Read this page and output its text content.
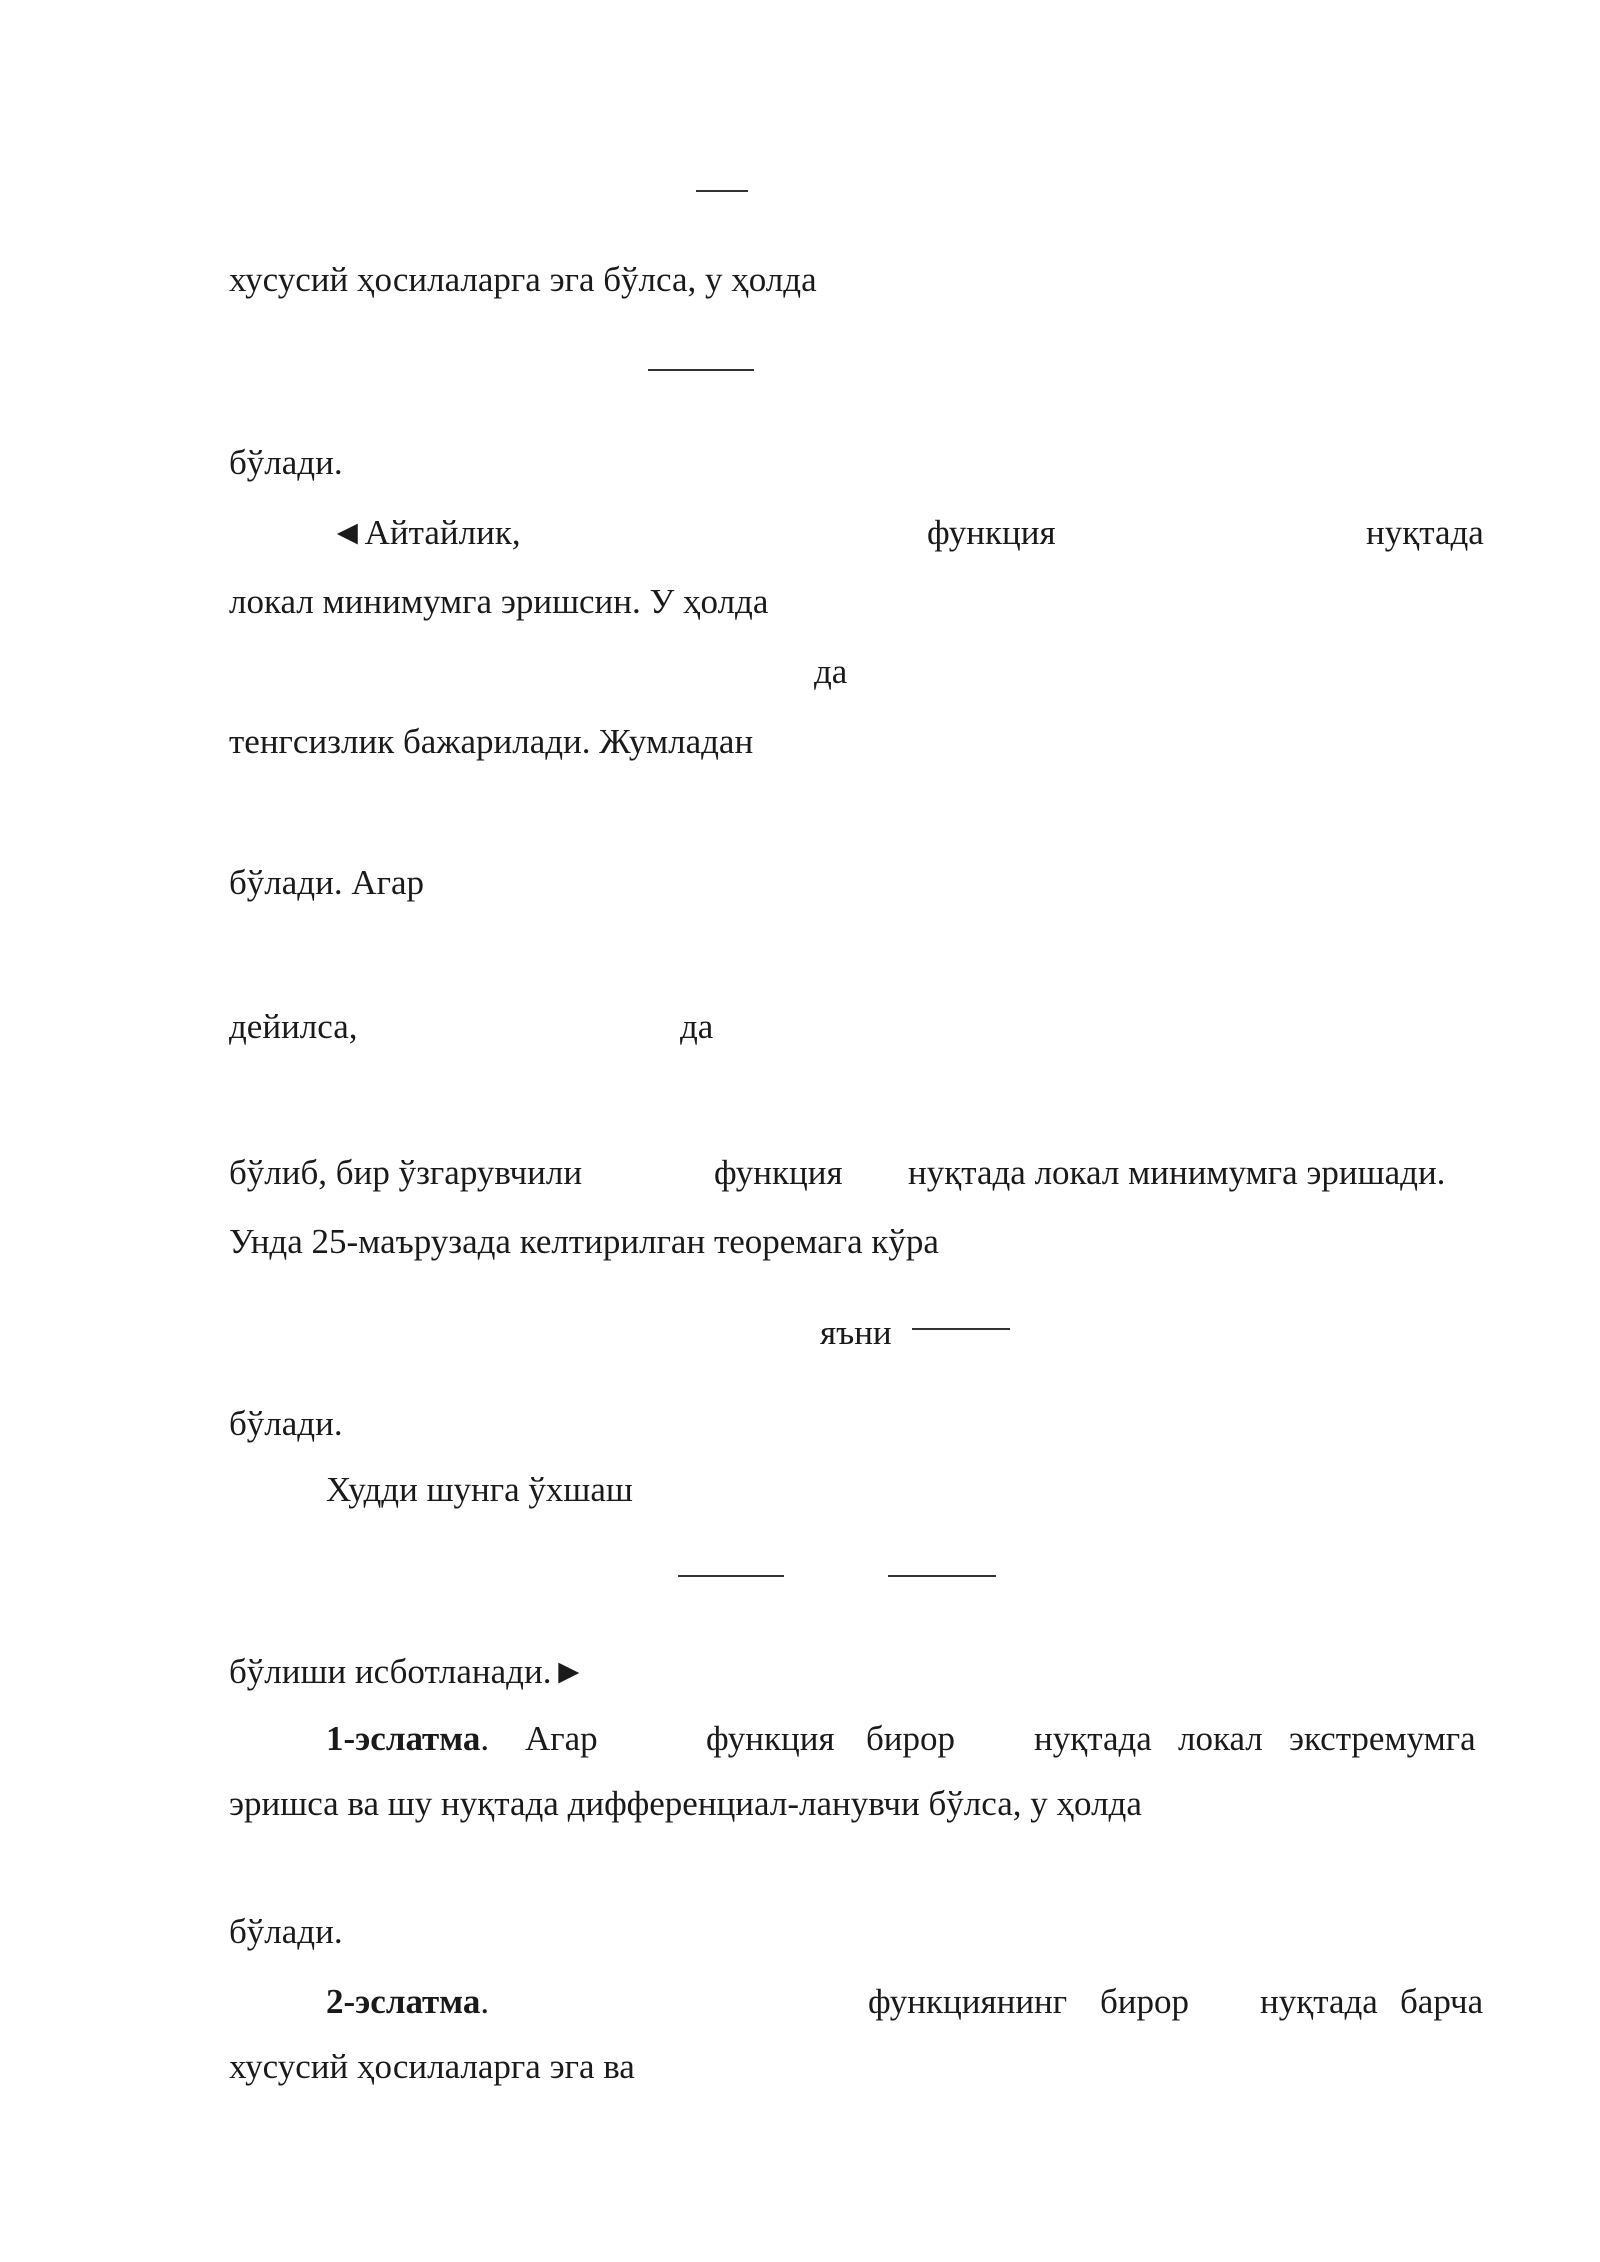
хусусий ҳосилаларга эга бўлса, у ҳолда
бўлади.
◄Айтайлик,	функция	нуқтада
локал минимумга эришсин. У ҳолда
да
тенгсизлик бажарилади. Жумладан
бўлади. Агар
дейилса,	да
бўлиб, бир ўзгарувчили	функция нуқтада локал минимумга эришади.
Унда 25-маърузада келтирилган теоремага кўра
яъни
бўлади.
Худди шунга ўхшаш
бўлиши исботланади.►
1-эслатма. Агар	функция бирор нуқтада локал экстремумга
эришса ва шу нуқтада дифференциал-ланувчи бўлса, у ҳолда
бўлади.
2-эслатма.	функциянинг бирор нуқтада барча
хусусий ҳосилаларга эга ва
